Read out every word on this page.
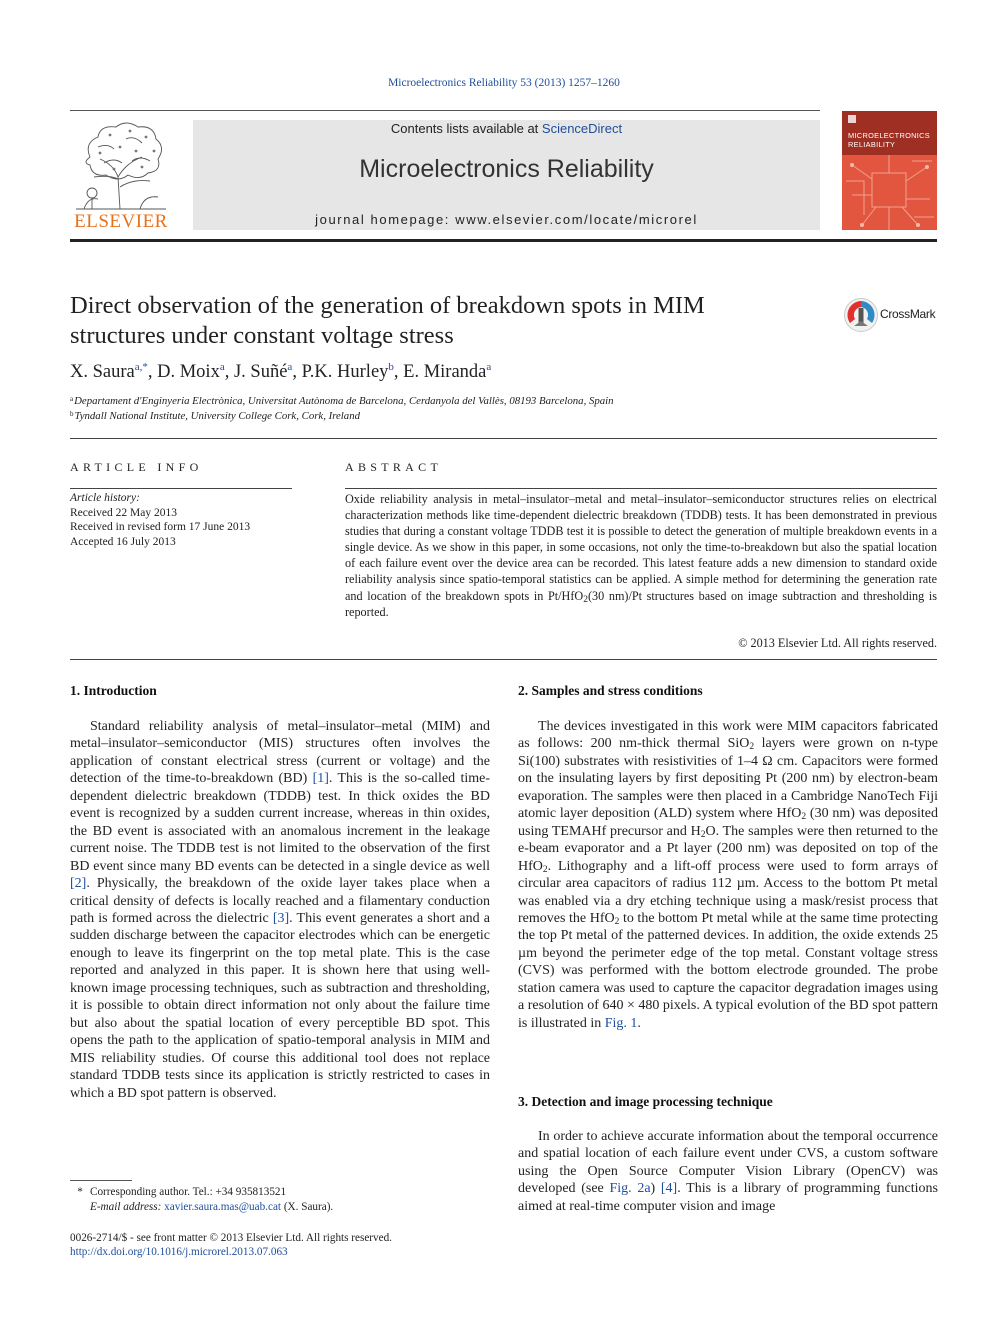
Microelectronics Reliability 53 (2013) 1257–1260
ELSEVIER
Contents lists available at ScienceDirect
Microelectronics Reliability
journal homepage: www.elsevier.com/locate/microrel
MICROELECTRONICS
RELIABILITY
Direct observation of the generation of breakdown spots in MIM
structures under constant voltage stress
CrossMark
X. Saura$^{a,*}$, D. Moix$^a$, J. Suñé$^a$, P.K. Hurley$^b$, E. Miranda$^a$
$^a$Departament d'Enginyeria Electrònica, Universitat Autònoma de Barcelona, Cerdanyola del Vallès, 08193 Barcelona, Spain
$^b$Tyndall National Institute, University College Cork, Cork, Ireland
ARTICLE INFO
Article history:
Received 22 May 2013
Received in revised form 17 June 2013
Accepted 16 July 2013
ABSTRACT
Oxide reliability analysis in metal–insulator–metal and metal–insulator–semiconductor structures relies on electrical characterization methods like time-dependent dielectric breakdown (TDDB) tests. It has been demonstrated in previous studies that during a constant voltage TDDB test it is possible to detect the generation of multiple breakdown events in a single device. As we show in this paper, in some occasions, not only the time-to-breakdown but also the spatial location of each failure event over the device area can be recorded. This latest feature adds a new dimension to standard oxide reliability analysis since spatio-temporal statistics can be applied. A simple method for determining the generation rate and location of the breakdown spots in Pt/HfO$_2$(30 nm)/Pt structures based on image subtraction and thresholding is reported.
© 2013 Elsevier Ltd. All rights reserved.
1. Introduction

Standard reliability analysis of metal–insulator–metal (MIM) and metal–insulator–semiconductor (MIS) structures often involves the application of constant electrical stress (current or voltage) and the detection of the time-to-breakdown (BD) [1]. This is the so-called time-dependent dielectric breakdown (TDDB) test. In thick oxides the BD event is recognized by a sudden current increase, whereas in thin oxides, the BD event is associated with an anomalous increment in the leakage current noise. The TDDB test is not limited to the observation of the first BD event since many BD events can be detected in a single device as well [2]. Physically, the breakdown of the oxide layer takes place when a critical density of defects is locally reached and a filamentary conduction path is formed across the dielectric [3]. This event generates a short and a sudden discharge between the capacitor electrodes which can be energetic enough to leave its fingerprint on the top metal plate. This is the case reported and analyzed in this paper. It is shown here that using well-known image processing techniques, such as subtraction and thresholding, it is possible to obtain direct information not only about the failure time but also about the spatial location of every perceptible BD spot. This opens the path to the application of spatio-temporal analysis in MIM and MIS reliability studies. Of course this additional tool does not replace standard TDDB tests since its application is strictly restricted to cases in which a BD spot pattern is observed.

2. Samples and stress conditions

The devices investigated in this work were MIM capacitors fabricated as follows: 200 nm-thick thermal SiO$_2$ layers were grown on n-type Si(100) substrates with resistivities of 1–4 Ω cm. Capacitors were formed on the insulating layers by first depositing Pt (200 nm) by electron-beam evaporation. The samples were then placed in a Cambridge NanoTech Fiji atomic layer deposition (ALD) system where HfO$_2$ (30 nm) was deposited using TEMAHf precursor and $H_2O$. The samples were then returned to the e-beam evaporator and a Pt layer (200 nm) was deposited on top of the HfO$_2$. Lithography and a lift-off process were used to form arrays of circular area capacitors of radius 112 µm. Access to the bottom Pt metal was enabled via a dry etching technique using a mask/resist process that removes the HfO$_2$ to the bottom Pt metal while at the same time protecting the top Pt metal of the patterned devices. In addition, the oxide extends 25 µm beyond the perimeter edge of the top metal. Constant voltage stress (CVS) was performed with the bottom electrode grounded. The probe station camera was used to capture the capacitor degradation images using a resolution of 640 × 480 pixels. A typical evolution of the BD spot pattern is illustrated in Fig. 1.

3. Detection and image processing technique

In order to achieve accurate information about the temporal occurrence and spatial location of each failure event under CVS, a custom software using the Open Source Computer Vision Library (OpenCV) was developed (see Fig. 2a) [4]. This is a library of programming functions aimed at real-time computer vision and image

* Corresponding author. Tel.: +34 935813521
E-mail address: xavier.saura.mas@uab.cat (X. Saura).
0026-2714/$ - see front matter © 2013 Elsevier Ltd. All rights reserved.
http://dx.doi.org/10.1016/j.microrel.2013.07.063
